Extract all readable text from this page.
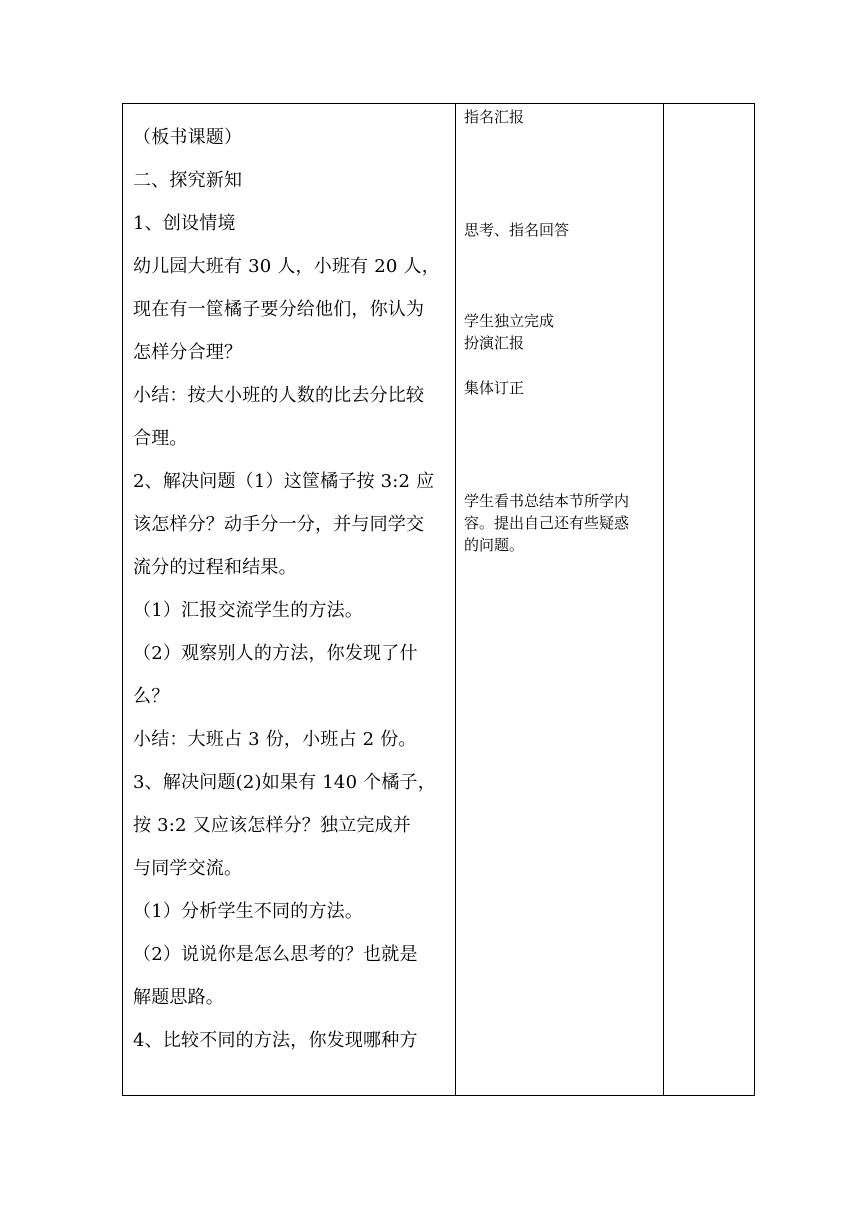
（板书课题）

二、探究新知

1、创设情境

幼儿园大班有 30 人，小班有 20 人，

现在有一筐橘子要分给他们，你认为

怎样分合理？

小结：按大小班的人数的比去分比较

合理。

2、解决问题（1）这筐橘子按 3:2 应

该怎样分？动手分一分，并与同学交

流分的过程和结果。

（1）汇报交流学生的方法。

（2）观察别人的方法，你发现了什

么？

小结：大班占 3 份，小班占 2 份。

3、解决问题(2)如果有 140 个橘子，

按 3:2 又应该怎样分？独立完成并

与同学交流。

（1）分析学生不同的方法。

（2）说说你是怎么思考的？也就是

解题思路。

4、比较不同的方法，你发现哪种方

指名汇报

思考、指名回答

学生独立完成

扮演汇报

集体订正

学生看书总结本节所学内

容。提出自己还有些疑惑

的问题。
